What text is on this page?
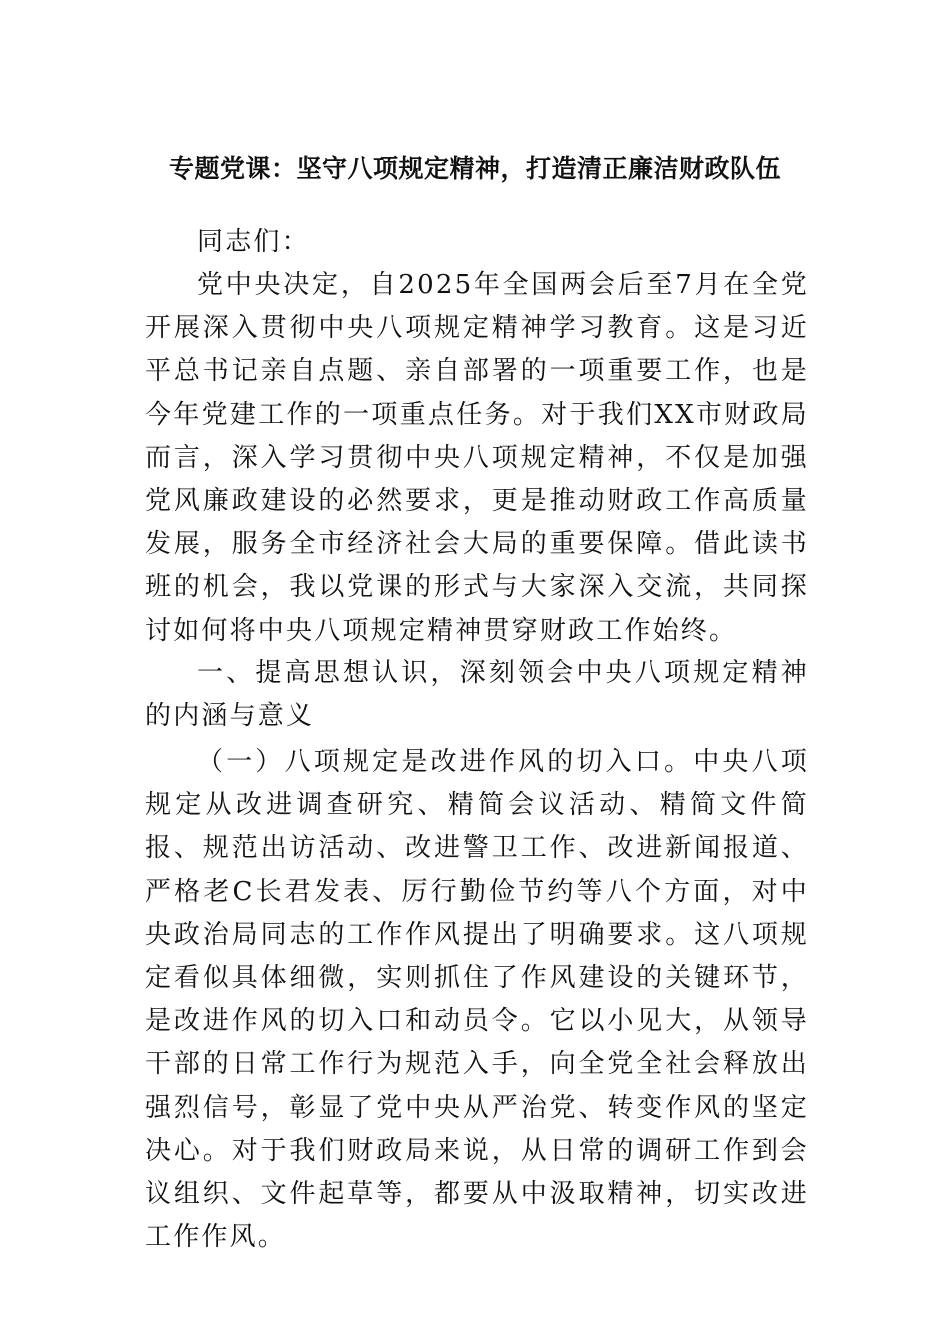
专题党课：坚守八项规定精神，打造清正廉洁财政队伍

同志们：

党中央决定，自2025年全国两会后至7月在全党开展深入贯彻中央八项规定精神学习教育。这是习近平总书记亲自点题、亲自部署的一项重要工作，也是今年党建工作的一项重点任务。对于我们XX市财政局而言，深入学习贯彻中央八项规定精神，不仅是加强党风廉政建设的必然要求，更是推动财政工作高质量发展，服务全市经济社会大局的重要保障。借此读书班的机会，我以党课的形式与大家深入交流，共同探讨如何将中央八项规定精神贯穿财政工作始终。

一、提高思想认识，深刻领会中央八项规定精神的内涵与意义

（一）八项规定是改进作风的切入口。中央八项规定从改进调查研究、精简会议活动、精简文件简报、规范出访活动、改进警卫工作、改进新闻报道、严格老C长君发表、厉行勤俭节约等八个方面，对中央政治局同志的工作作风提出了明确要求。这八项规定看似具体细微，实则抓住了作风建设的关键环节，是改进作风的切入口和动员令。它以小见大，从领导干部的日常工作行为规范入手，向全党全社会释放出强烈信号，彰显了党中央从严治党、转变作风的坚定决心。对于我们财政局来说，从日常的调研工作到会议组织、文件起草等，都要从中汲取精神，切实改进工作作风。
